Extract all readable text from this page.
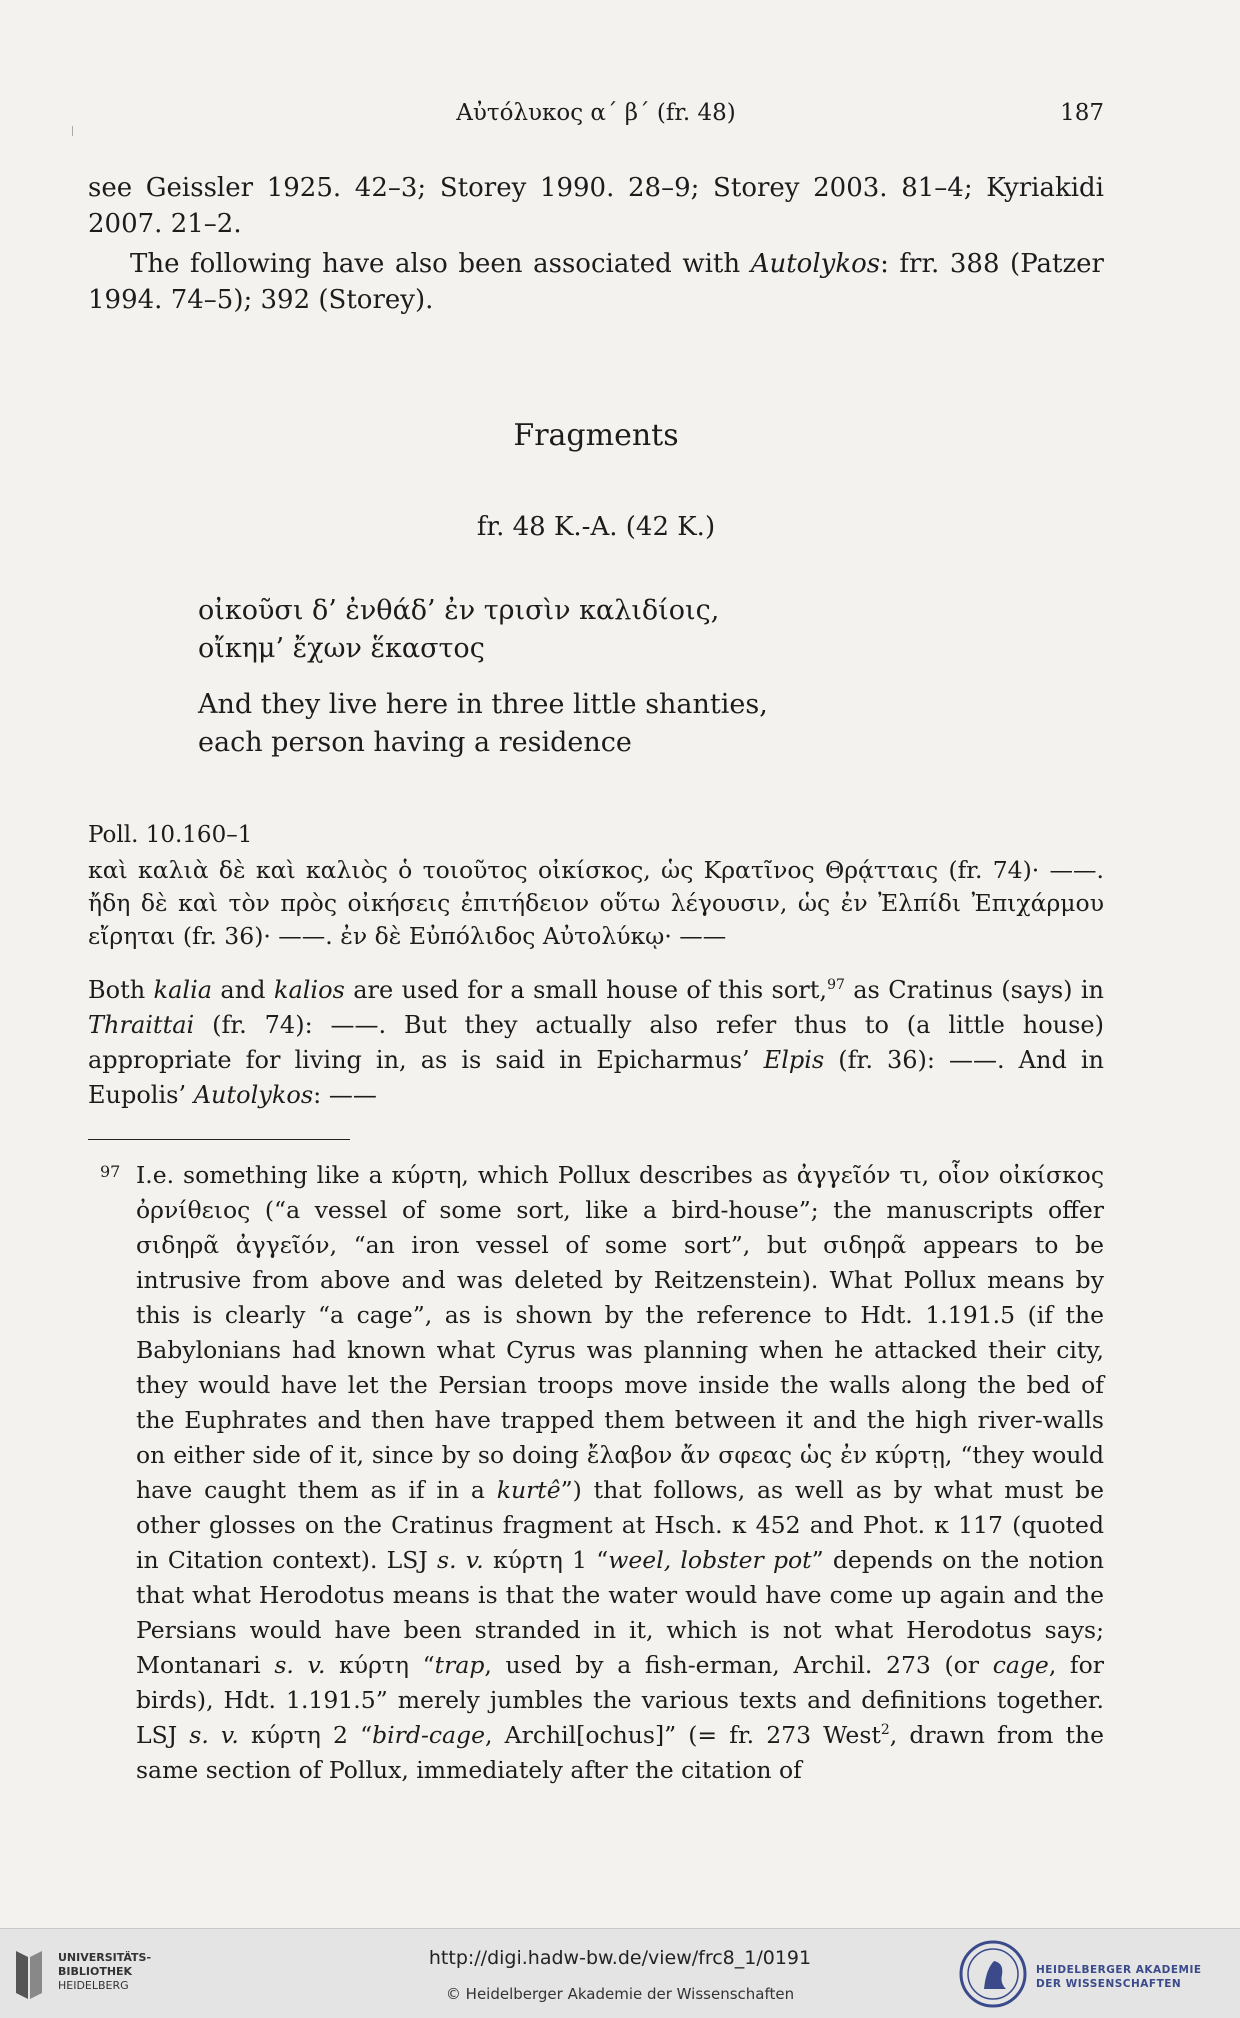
Αὐτόλυκος α´ β´ (fr. 48)	187
see Geissler 1925. 42–3; Storey 1990. 28–9; Storey 2003. 81–4; Kyriakidi 2007. 21–2.
The following have also been associated with Autolykos: frr. 388 (Patzer 1994. 74–5); 392 (Storey).
Fragments
fr. 48 K.-A. (42 K.)
οἰκοῦσι δ’ ἐνθάδ’ ἐν τρισὶν καλιδίοις,
οἴκημ’ ἔχων ἕκαστος
And they live here in three little shanties,
each person having a residence
Poll. 10.160–1
καὶ καλιὰ δὲ καὶ καλιὸς ὁ τοιοῦτος οἰκίσκος, ὡς Κρατῖνος Θρᾴτταις (fr. 74)· ——. ἤδη δὲ καὶ τὸν πρὸς οἰκήσεις ἐπιτήδειον οὕτω λέγουσιν, ὡς ἐν Ἐλπίδι Ἐπιχάρμου εἴρηται (fr. 36)· ——. ἐν δὲ Εὐπόλιδος Αὐτολύκῳ· ——
Both kalia and kalios are used for a small house of this sort,$^{97}$ as Cratinus (says) in Thraittai (fr. 74): ——. But they actually also refer thus to (a little house) appropriate for living in, as is said in Epicharmus’ Elpis (fr. 36): ——. And in Eupolis’ Autolykos: ——
97 I.e. something like a κύρτη, which Pollux describes as ἀγγεῖόν τι, οἷον οἰκίσκος ὀρνίθειος (“a vessel of some sort, like a bird-house”; the manuscripts offer σιδηρᾶ ἀγγεῖόν, “an iron vessel of some sort”, but σιδηρᾶ appears to be intrusive from above and was deleted by Reitzenstein). What Pollux means by this is clearly “a cage”, as is shown by the reference to Hdt. 1.191.5 (if the Babylonians had known what Cyrus was planning when he attacked their city, they would have let the Persian troops move inside the walls along the bed of the Euphrates and then have trapped them between it and the high river-walls on either side of it, since by so doing ἔλαβον ἄν σφεας ὡς ἐν κύρτῃ, “they would have caught them as if in a kurtê”) that follows, as well as by what must be other glosses on the Cratinus fragment at Hsch. κ 452 and Phot. κ 117 (quoted in Citation context). LSJ s. v. κύρτη 1 “weel, lobster pot” depends on the notion that what Herodotus means is that the water would have come up again and the Persians would have been stranded in it, which is not what Herodotus says; Montanari s. v. κύρτη “trap, used by a fish-erman, Archil. 273 (or cage, for birds), Hdt. 1.191.5” merely jumbles the various texts and definitions together. LSJ s. v. κύρτη 2 “bird-cage, Archil[ochus]” (= fr. 273 West$^2$, drawn from the same section of Pollux, immediately after the citation of
UNIVERSITÄTS-
BIBLIOTHEK
HEIDELBERG
http://digi.hadw-bw.de/view/frc8_1/0191
© Heidelberger Akademie der Wissenschaften
HEIDELBERGER AKADEMIE
DER WISSENSCHAFTEN
